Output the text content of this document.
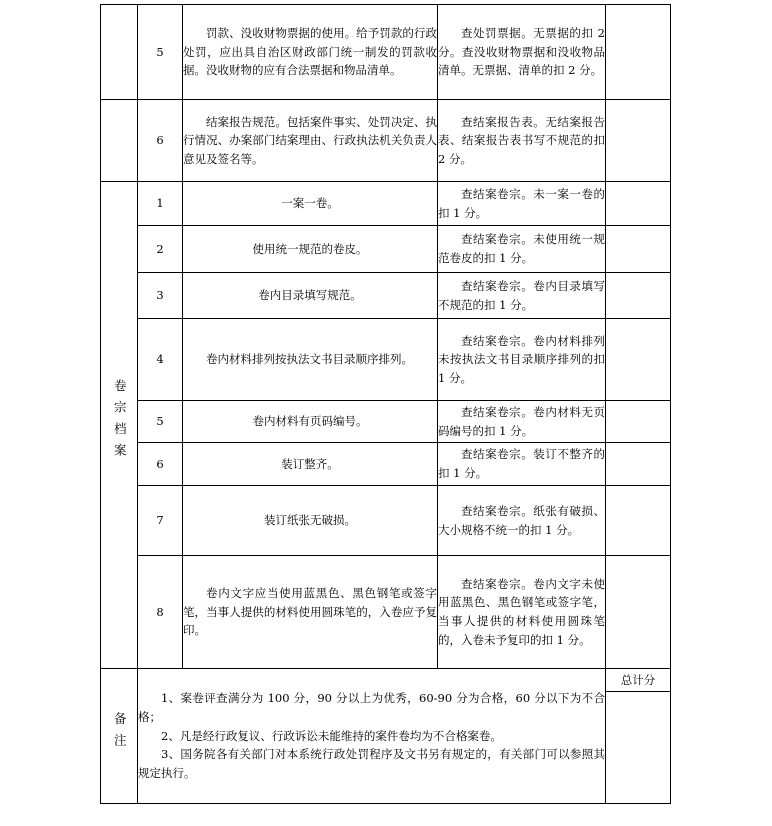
	5	罚款、没收财物票据的使用。给予罚款的行政处罚，应出具自治区财政部门统一制发的罚款收据。没收财物的应有合法票据和物品清单。	查处罚票据。无票据的扣 2 分。查没收财物票据和没收物品清单。无票据、清单的扣 2 分。	

	6	结案报告规范。包括案件事实、处罚决定、执行情况、办案部门结案理由、行政执法机关负责人意见及签名等。	查结案报告表。无结案报告表、结案报告表书写不规范的扣 2 分。	

卷宗档案	1	一案一卷。	查结案卷宗。未一案一卷的扣 1 分。	

	2	使用统一规范的卷皮。	查结案卷宗。未使用统一规范卷皮的扣 1 分。	

	3	卷内目录填写规范。	查结案卷宗。卷内目录填写不规范的扣 1 分。	

	4	卷内材料排列按执法文书目录顺序排列。	查结案卷宗。卷内材料排列未按执法文书目录顺序排列的扣 1 分。	

	5	卷内材料有页码编号。	查结案卷宗。卷内材料无页码编号的扣 1 分。	

	6	装订整齐。	查结案卷宗。装订不整齐的扣 1 分。	

	7	装订纸张无破损。	查结案卷宗。纸张有破损、大小规格不统一的扣 1 分。	

	8	卷内文字应当使用蓝黑色、黑色钢笔或签字笔，当事人提供的材料使用圆珠笔的，入卷应予复印。	查结案卷宗。卷内文字未使用蓝黑色、黑色钢笔或签字笔，当事人提供的材料使用圆珠笔的，入卷未予复印的扣 1 分。	

备注	1、案卷评查满分为 100 分，90 分以上为优秀，60-90 分为合格，60 分以下为不合格；

2、凡是经行政复议、行政诉讼未能维持的案件卷均为不合格案卷。

3、国务院各有关部门对本系统行政处罚程序及文书另有规定的，有关部门可以参照其规定执行。			总计分
